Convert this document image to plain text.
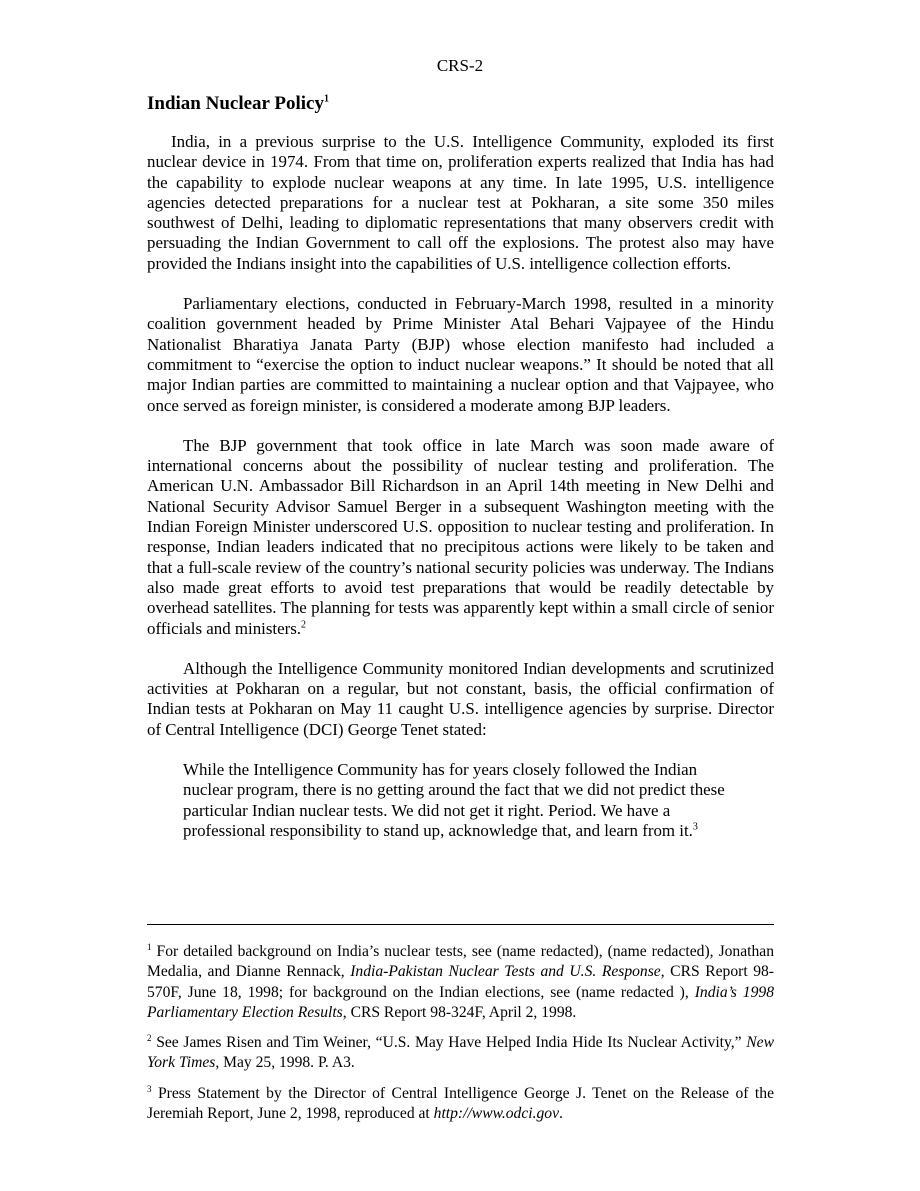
CRS-2
Indian Nuclear Policy$^1$

India, in a previous surprise to the U.S. Intelligence Community, exploded its first nuclear device in 1974. From that time on, proliferation experts realized that India has had the capability to explode nuclear weapons at any time. In late 1995, U.S. intelligence agencies detected preparations for a nuclear test at Pokharan, a site some 350 miles southwest of Delhi, leading to diplomatic representations that many observers credit with persuading the Indian Government to call off the explosions. The protest also may have provided the Indians insight into the capabilities of U.S. intelligence collection efforts.

Parliamentary elections, conducted in February-March 1998, resulted in a minority coalition government headed by Prime Minister Atal Behari Vajpayee of the Hindu Nationalist Bharatiya Janata Party (BJP) whose election manifesto had included a commitment to “exercise the option to induct nuclear weapons.” It should be noted that all major Indian parties are committed to maintaining a nuclear option and that Vajpayee, who once served as foreign minister, is considered a moderate among BJP leaders.

The BJP government that took office in late March was soon made aware of international concerns about the possibility of nuclear testing and proliferation. The American U.N. Ambassador Bill Richardson in an April 14th meeting in New Delhi and National Security Advisor Samuel Berger in a subsequent Washington meeting with the Indian Foreign Minister underscored U.S. opposition to nuclear testing and proliferation. In response, Indian leaders indicated that no precipitous actions were likely to be taken and that a full-scale review of the country’s national security policies was underway. The Indians also made great efforts to avoid test preparations that would be readily detectable by overhead satellites. The planning for tests was apparently kept within a small circle of senior officials and ministers.$^2$

Although the Intelligence Community monitored Indian developments and scrutinized activities at Pokharan on a regular, but not constant, basis, the official confirmation of Indian tests at Pokharan on May 11 caught U.S. intelligence agencies by surprise. Director of Central Intelligence (DCI) George Tenet stated:

While the Intelligence Community has for years closely followed the Indian nuclear program, there is no getting around the fact that we did not predict these particular Indian nuclear tests. We did not get it right. Period. We have a professional responsibility to stand up, acknowledge that, and learn from it.$^3$
$^1$ For detailed background on India’s nuclear tests, see (name redacted), (name redacted), Jonathan Medalia, and Dianne Rennack, India-Pakistan Nuclear Tests and U.S. Response, CRS Report 98-570F, June 18, 1998; for background on the Indian elections, see (name redacted ), India’s 1998 Parliamentary Election Results, CRS Report 98-324F, April 2, 1998.
$^2$ See James Risen and Tim Weiner, “U.S. May Have Helped India Hide Its Nuclear Activity,” New York Times, May 25, 1998. P. A3.
$^3$ Press Statement by the Director of Central Intelligence George J. Tenet on the Release of the Jeremiah Report, June 2, 1998, reproduced at http://www.odci.gov.
